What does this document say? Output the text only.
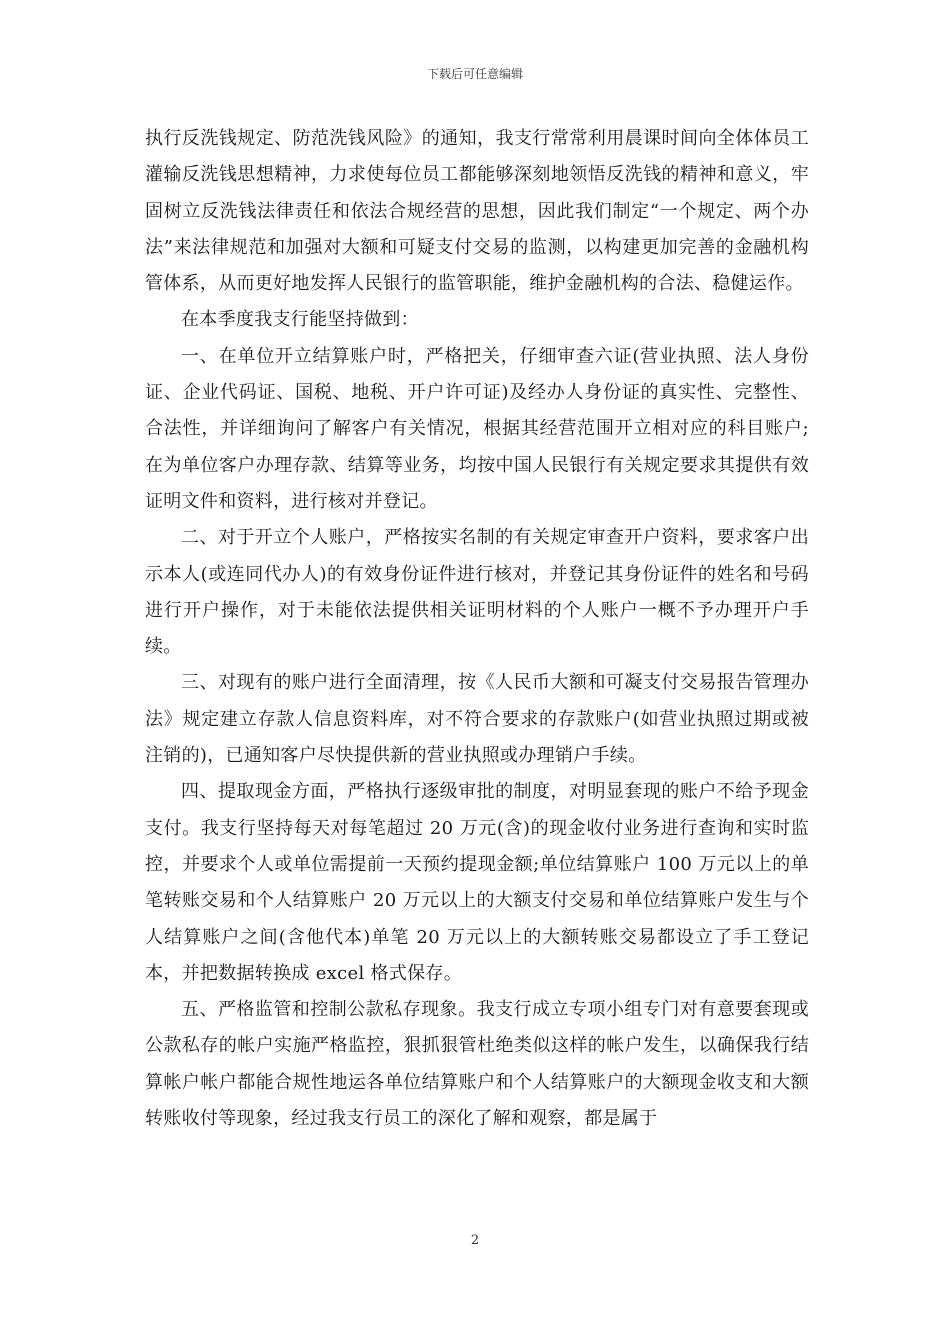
下载后可任意编辑

执行反洗钱规定、防范洗钱风险》的通知，我支行常常利用晨课时间向全体体员工灌输反洗钱思想精神，力求使每位员工都能够深刻地领悟反洗钱的精神和意义，牢固树立反洗钱法律责任和依法合规经营的思想，因此我们制定“一个规定、两个办法”来法律规范和加强对大额和可疑支付交易的监测，以构建更加完善的金融机构管体系，从而更好地发挥人民银行的监管职能，维护金融机构的合法、稳健运作。

在本季度我支行能坚持做到：

一、在单位开立结算账户时，严格把关，仔细审查六证(营业执照、法人身份证、企业代码证、国税、地税、开户许可证)及经办人身份证的真实性、完整性、合法性，并详细询问了解客户有关情况，根据其经营范围开立相对应的科目账户;在为单位客户办理存款、结算等业务，均按中国人民银行有关规定要求其提供有效证明文件和资料，进行核对并登记。

二、对于开立个人账户，严格按实名制的有关规定审查开户资料，要求客户出示本人(或连同代办人)的有效身份证件进行核对，并登记其身份证件的姓名和号码进行开户操作，对于未能依法提供相关证明材料的个人账户一概不予办理开户手续。

三、对现有的账户进行全面清理，按《人民币大额和可凝支付交易报告管理办法》规定建立存款人信息资料库，对不符合要求的存款账户(如营业执照过期或被注销的)，已通知客户尽快提供新的营业执照或办理销户手续。

四、提取现金方面，严格执行逐级审批的制度，对明显套现的账户不给予现金支付。我支行坚持每天对每笔超过 20 万元(含)的现金收付业务进行查询和实时监控，并要求个人或单位需提前一天预约提现金额;单位结算账户 100 万元以上的单笔转账交易和个人结算账户 20 万元以上的大额支付交易和单位结算账户发生与个人结算账户之间(含他代本)单笔 20 万元以上的大额转账交易都设立了手工登记本，并把数据转换成 excel 格式保存。

五、严格监管和控制公款私存现象。我支行成立专项小组专门对有意要套现或公款私存的帐户实施严格监控，狠抓狠管杜绝类似这样的帐户发生，以确保我行结算帐户帐户都能合规性地运各单位结算账户和个人结算账户的大额现金收支和大额转账收付等现象，经过我支行员工的深化了解和观察，都是属于

2
